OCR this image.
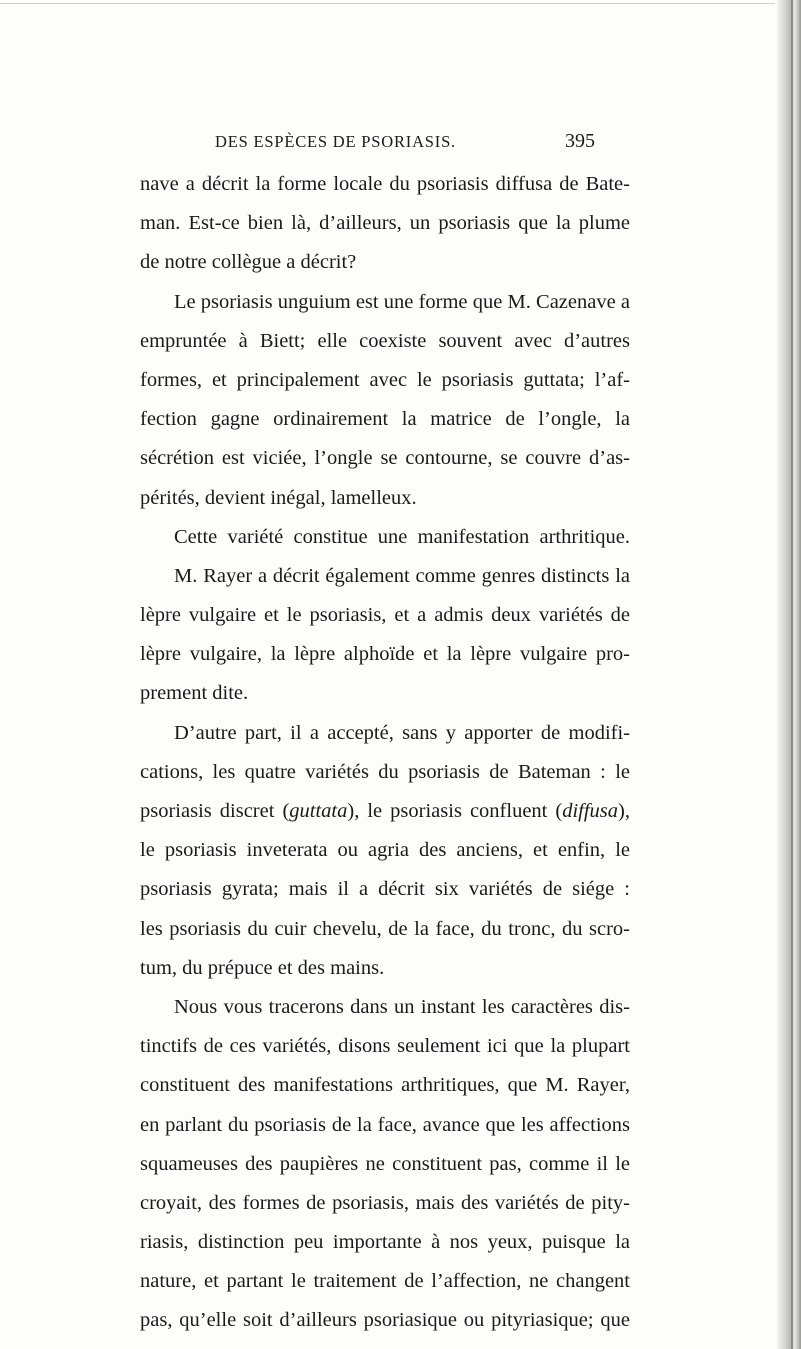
DES ESPÈCES DE PSORIASIS.	395
nave a décrit la forme locale du psoriasis diffusa de Bate-
man. Est-ce bien là, d’ailleurs, un psoriasis que la plume
de notre collègue a décrit?
Le psoriasis unguium est une forme que M. Cazenave a
empruntée à Biett; elle coexiste souvent avec d’autres
formes, et principalement avec le psoriasis guttata; l’af-
fection gagne ordinairement la matrice de l’ongle, la
sécrétion est viciée, l’ongle se contourne, se couvre d’as-
pérités, devient inégal, lamelleux.
Cette variété constitue une manifestation arthritique.
M. Rayer a décrit également comme genres distincts la
lèpre vulgaire et le psoriasis, et a admis deux variétés de
lèpre vulgaire, la lèpre alphoïde et la lèpre vulgaire pro-
prement dite.
D’autre part, il a accepté, sans y apporter de modifi-
cations, les quatre variétés du psoriasis de Bateman : le
psoriasis discret (guttata), le psoriasis confluent (diffusa),
le psoriasis inveterata ou agria des anciens, et enfin, le
psoriasis gyrata; mais il a décrit six variétés de siége :
les psoriasis du cuir chevelu, de la face, du tronc, du scro-
tum, du prépuce et des mains.
Nous vous tracerons dans un instant les caractères dis-
tinctifs de ces variétés, disons seulement ici que la plupart
constituent des manifestations arthritiques, que M. Rayer,
en parlant du psoriasis de la face, avance que les affections
squameuses des paupières ne constituent pas, comme il le
croyait, des formes de psoriasis, mais des variétés de pity-
riasis, distinction peu importante à nos yeux, puisque la
nature, et partant le traitement de l’affection, ne changent
pas, qu’elle soit d’ailleurs psoriasique ou pityriasique; que
